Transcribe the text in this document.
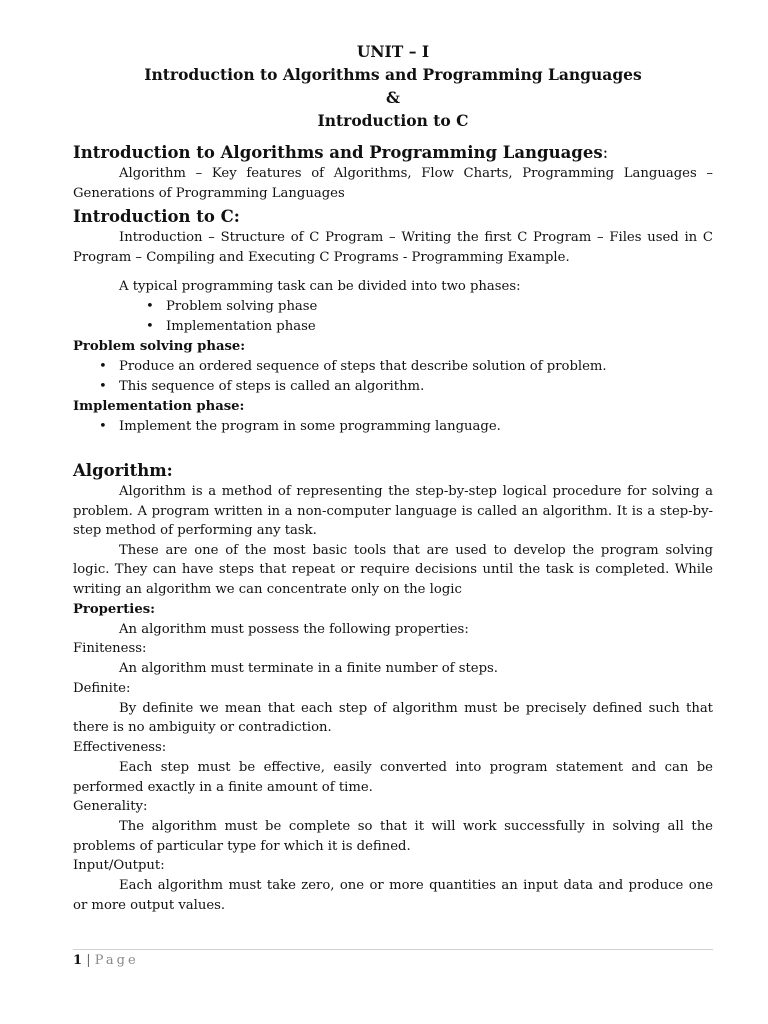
UNIT – I
Introduction to Algorithms and Programming Languages
&
Introduction to C
Introduction to Algorithms and Programming Languages:
Algorithm – Key features of Algorithms, Flow Charts, Programming Languages – Generations of Programming Languages
Introduction to C:
Introduction – Structure of C Program – Writing the first C Program – Files used in C Program – Compiling and Executing C Programs - Programming Example.
A typical programming task can be divided into two phases:
• Problem solving phase
• Implementation phase
Problem solving phase:
• Produce an ordered sequence of steps that describe solution of problem.
• This sequence of steps is called an algorithm.
Implementation phase:
• Implement the program in some programming language.
Algorithm:
Algorithm is a method of representing the step-by-step logical procedure for solving a problem. A program written in a non-computer language is called an algorithm. It is a step-by-step method of performing any task.
These are one of the most basic tools that are used to develop the program solving logic. They can have steps that repeat or require decisions until the task is completed. While writing an algorithm we can concentrate only on the logic
Properties:
An algorithm must possess the following properties:
Finiteness:
An algorithm must terminate in a finite number of steps.
Definite:
By definite we mean that each step of algorithm must be precisely defined such that there is no ambiguity or contradiction.
Effectiveness:
Each step must be effective, easily converted into program statement and can be performed exactly in a finite amount of time.
Generality:
The algorithm must be complete so that it will work successfully in solving all the problems of particular type for which it is defined.
Input/Output:
Each algorithm must take zero, one or more quantities an input data and produce one or more output values.
1 | Page
